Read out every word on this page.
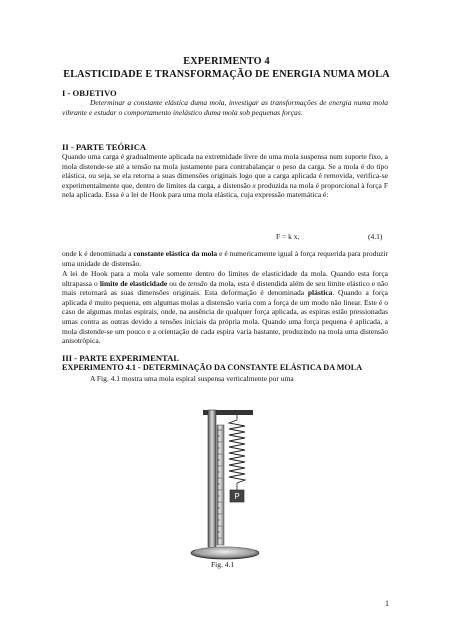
EXPERIMENTO 4
ELASTICIDADE E TRANSFORMAÇÃO DE ENERGIA NUMA MOLA
I - OBJETIVO
Determinar a constante elástica duma mola, investigar as transformações de energia numa mola vibrante e estudar o comportamento inelástico duma mola sob pequenas forças.
II - PARTE TEÓRICA
Quando uma carga é gradualmente aplicada na extremidade livre de uma mola suspensa num suporte fixo, a mola distende-se até a tensão na mola justamente para contrabalançar o peso da carga. Se a mola é do tipo elástica, ou seja, se ela retorna a suas dimensões originais logo que a carga aplicada é removida, verifica-se experimentalmente que, dentro de limites da carga, a distensão x produzida na mola é proporcional à força F nela aplicada. Essa é a lei de Hook para uma mola elástica, cuja expressão matemática é:
F = k x,	(4.1)
onde k é denominada a constante elástica da mola e é numericamente igual à força requerida para produzir uma unidade de distensão.
A lei de Hook para a mola vale somente dentro do limites de elasticidade da mola. Quando esta força ultrapassa o limite de elasticidade ou de tensão da mola, esta é distendida além de seu limite elástico e não mais retornará as suas dimensões originais. Esta deformação é denominada plástica. Quando a força aplicada é muito pequena, em algumas molas a distensão varia com a força de um modo não linear. Este é o caso de algumas molas espirais, onde, na ausência de qualquer força aplicada, as espiras estão pressionadas umas contra as outras devido a tensões iniciais da própria mola. Quando uma força pequena é aplicada, a mola distende-se um pouco e a orientação de cada espira varia bastante, produzindo na mola uma distensão anisotrópica.
III - PARTE EXPERIMENTAL
EXPERIMENTO 4.1 - DETERMINAÇÃO DA CONSTANTE ELÁSTICA DA MOLA
A Fig. 4.1 mostra uma mola espiral suspensa verticalmente por uma
P
Fig. 4.1
1
